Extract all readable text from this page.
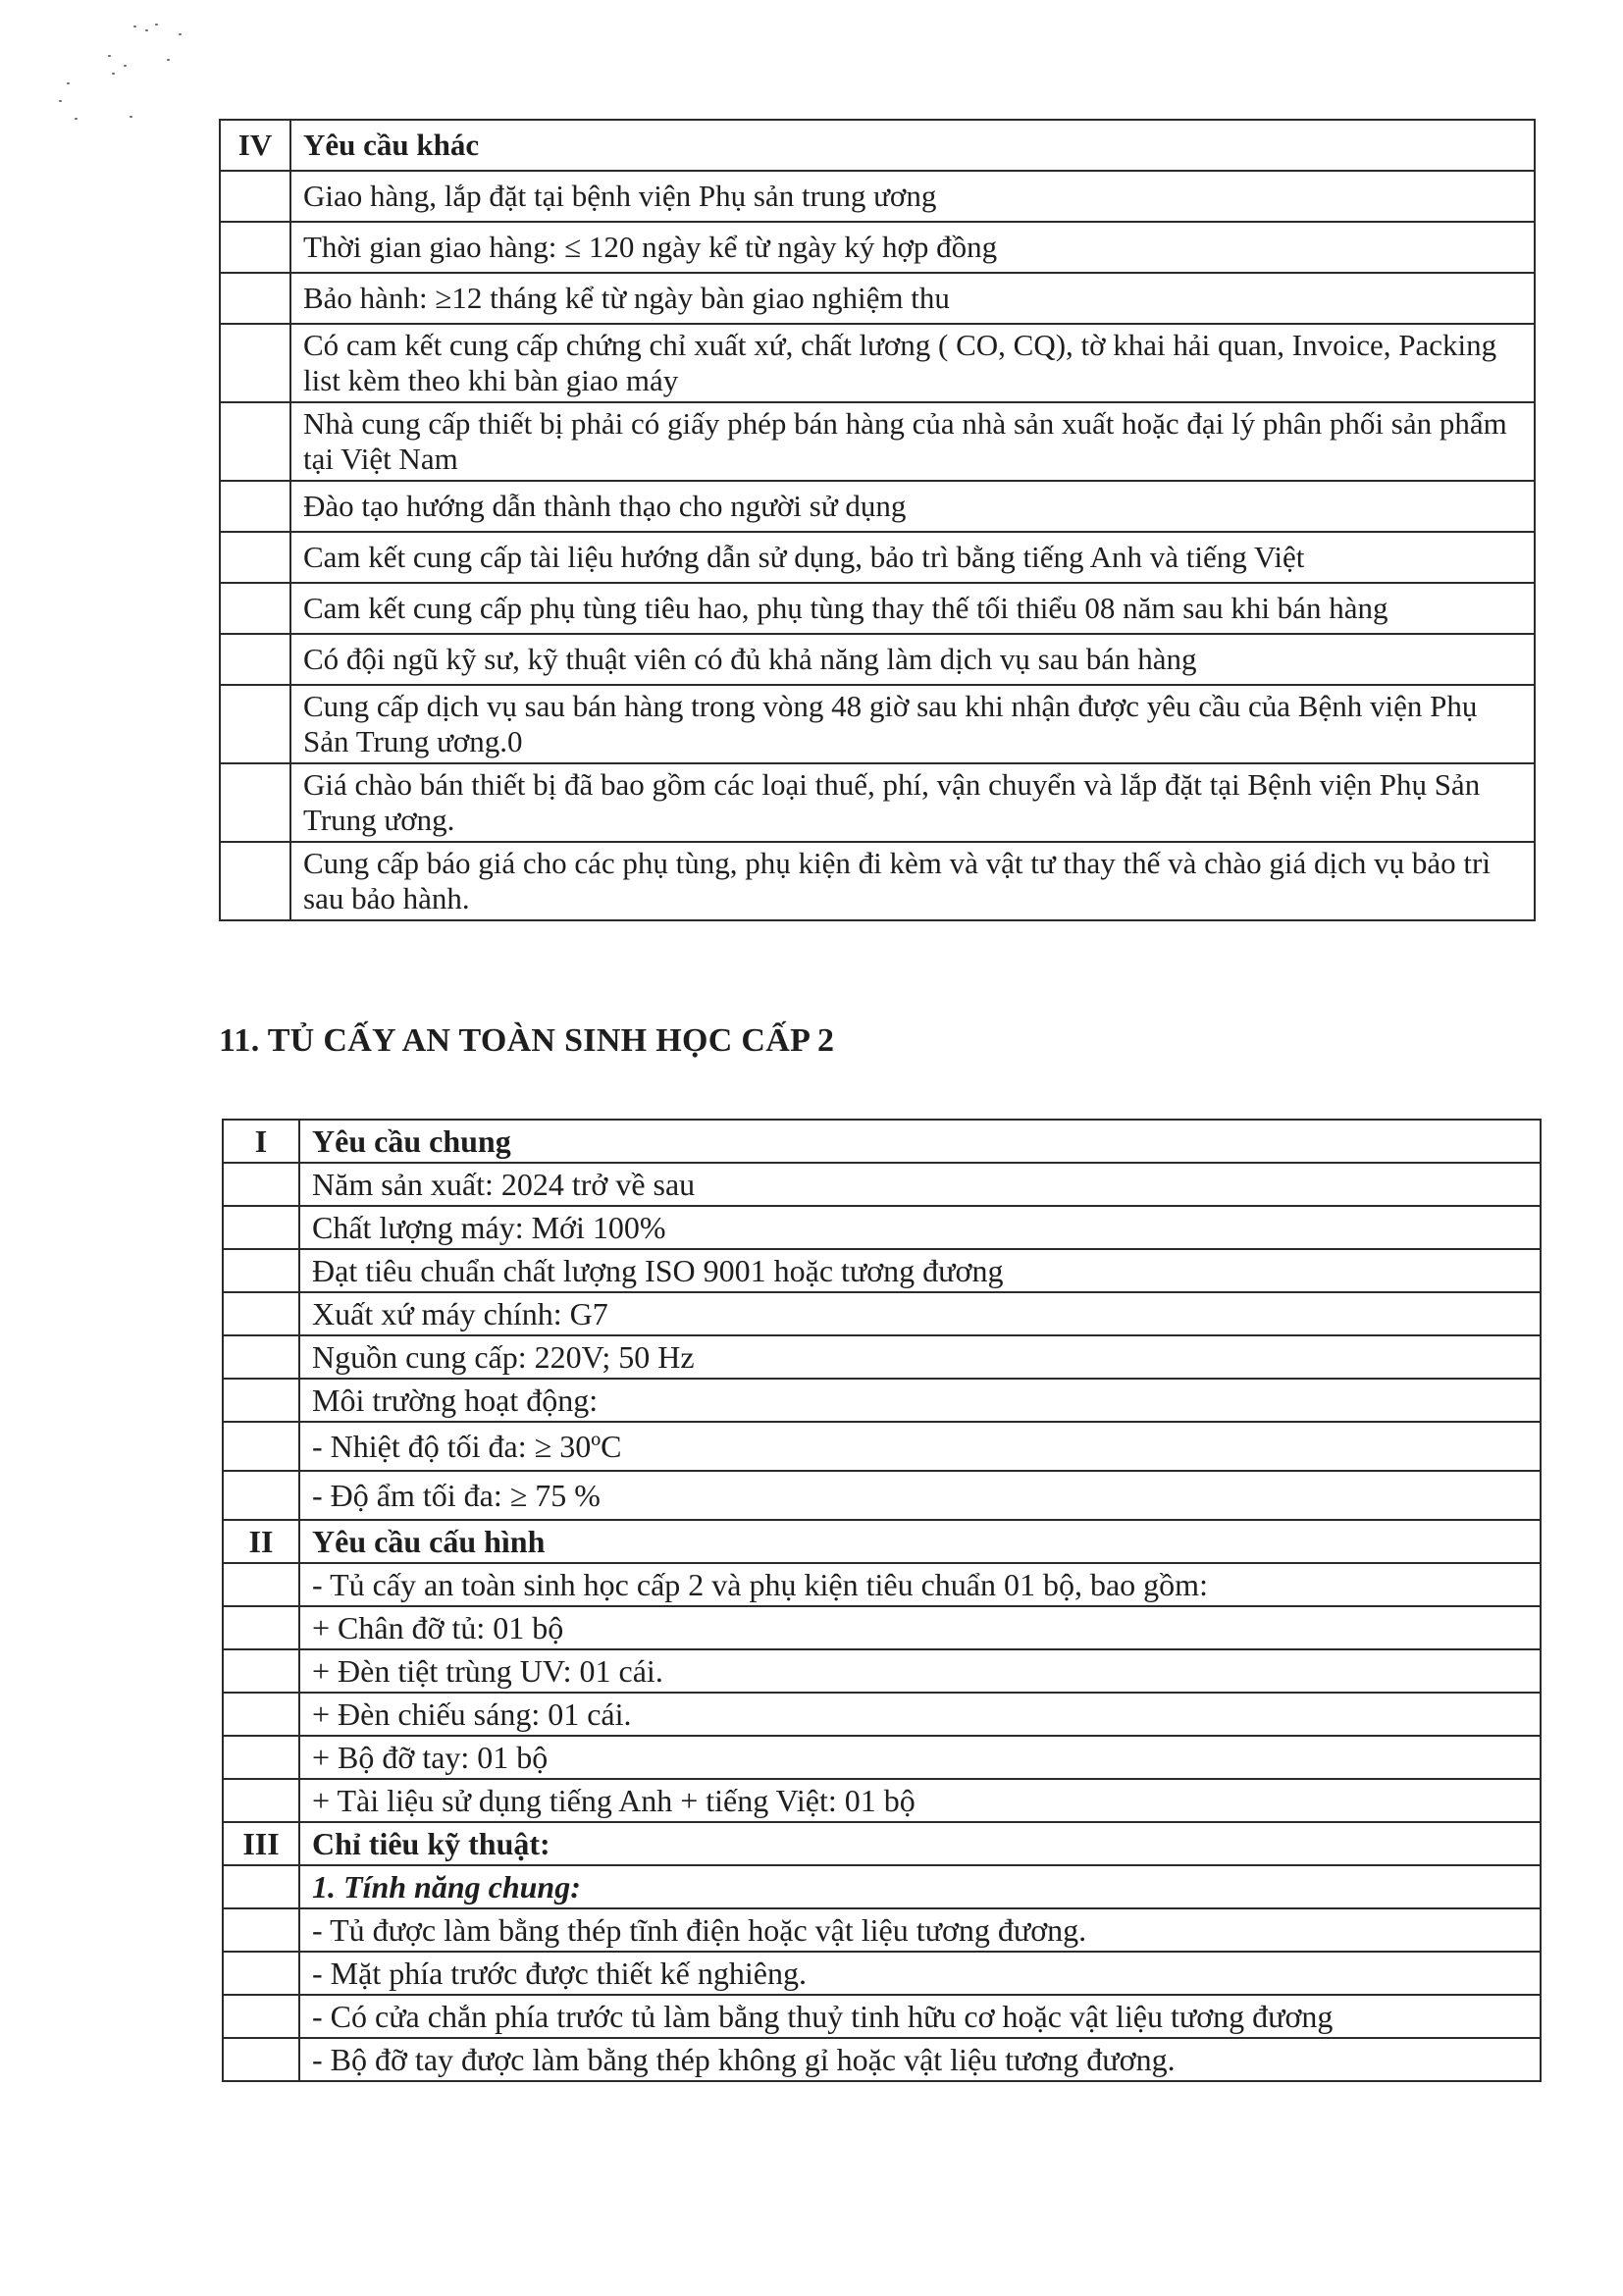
IV	Yêu cầu khác
	Giao hàng, lắp đặt tại bệnh viện Phụ sản trung ương
	Thời gian giao hàng: ≤ 120 ngày kể từ ngày ký hợp đồng
	Bảo hành: ≥12 tháng kể từ ngày bàn giao nghiệm thu
	Có cam kết cung cấp chứng chỉ xuất xứ, chất lương ( CO, CQ), tờ khai hải quan, Invoice, Packing list kèm theo khi bàn giao máy
	Nhà cung cấp thiết bị phải có giấy phép bán hàng của nhà sản xuất hoặc đại lý phân phối sản phẩm tại Việt Nam
	Đào tạo hướng dẫn thành thạo cho người sử dụng
	Cam kết cung cấp tài liệu hướng dẫn sử dụng, bảo trì bằng tiếng Anh và tiếng Việt
	Cam kết cung cấp phụ tùng tiêu hao, phụ tùng thay thế tối thiểu 08 năm sau khi bán hàng
	Có đội ngũ kỹ sư, kỹ thuật viên có đủ khả năng làm dịch vụ sau bán hàng
	Cung cấp dịch vụ sau bán hàng trong vòng 48 giờ sau khi nhận được yêu cầu của Bệnh viện Phụ Sản Trung ương.0
	Giá chào bán thiết bị đã bao gồm các loại thuế, phí, vận chuyển và lắp đặt tại Bệnh viện Phụ Sản Trung ương.
	Cung cấp báo giá cho các phụ tùng, phụ kiện đi kèm và vật tư thay thế và chào giá dịch vụ bảo trì sau bảo hành.
11. TỦ CẤY AN TOÀN SINH HỌC CẤP 2
I	Yêu cầu chung
	Năm sản xuất: 2024 trở về sau
	Chất lượng máy: Mới 100%
	Đạt tiêu chuẩn chất lượng ISO 9001 hoặc tương đương
	Xuất xứ máy chính: G7
	Nguồn cung cấp: 220V; 50 Hz
	Môi trường hoạt động:
	- Nhiệt độ tối đa: ≥ 30ºC
	- Độ ẩm tối đa: ≥ 75 %
II	Yêu cầu cấu hình
	- Tủ cấy an toàn sinh học cấp 2 và phụ kiện tiêu chuẩn 01 bộ, bao gồm:
	+ Chân đỡ tủ: 01 bộ
	+ Đèn tiệt trùng UV: 01 cái.
	+ Đèn chiếu sáng: 01 cái.
	+ Bộ đỡ tay: 01 bộ
	+ Tài liệu sử dụng tiếng Anh + tiếng Việt: 01 bộ
III	Chỉ tiêu kỹ thuật:
	1. Tính năng chung:
	- Tủ được làm bằng thép tĩnh điện hoặc vật liệu tương đương.
	- Mặt phía trước được thiết kế nghiêng.
	- Có cửa chắn phía trước tủ làm bằng thuỷ tinh hữu cơ hoặc vật liệu tương đương
	- Bộ đỡ tay được làm bằng thép không gỉ hoặc vật liệu tương đương.
